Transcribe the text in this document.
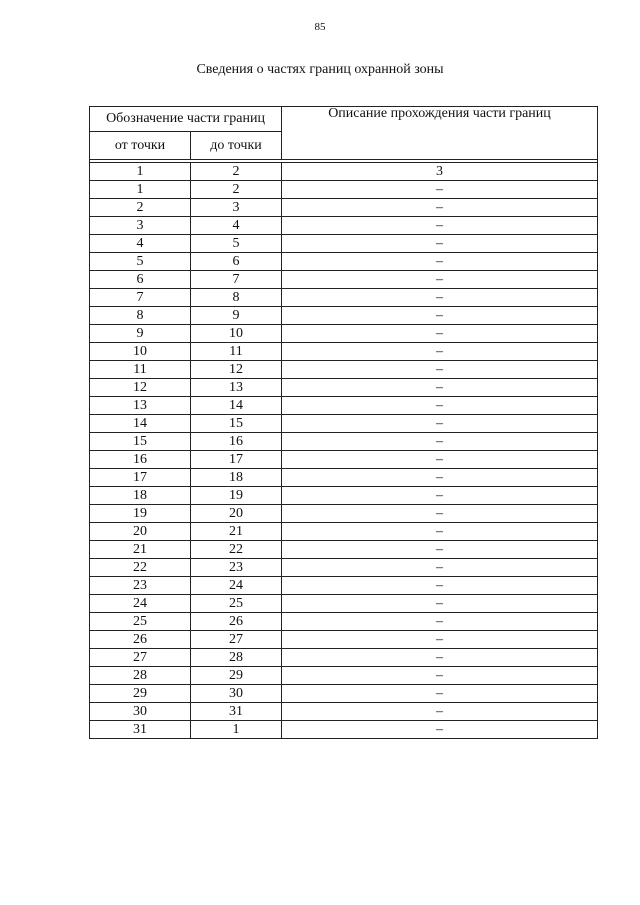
85
Сведения о частях границ охранной зоны
Обозначение части границ		Описание прохождения части границ
от точки	до точки	

1	2	3
1	2	–
2	3	–
3	4	–
4	5	–
5	6	–
6	7	–
7	8	–
8	9	–
9	10	–
10	11	–
11	12	–
12	13	–
13	14	–
14	15	–
15	16	–
16	17	–
17	18	–
18	19	–
19	20	–
20	21	–
21	22	–
22	23	–
23	24	–
24	25	–
25	26	–
26	27	–
27	28	–
28	29	–
29	30	–
30	31	–
31	1	–
